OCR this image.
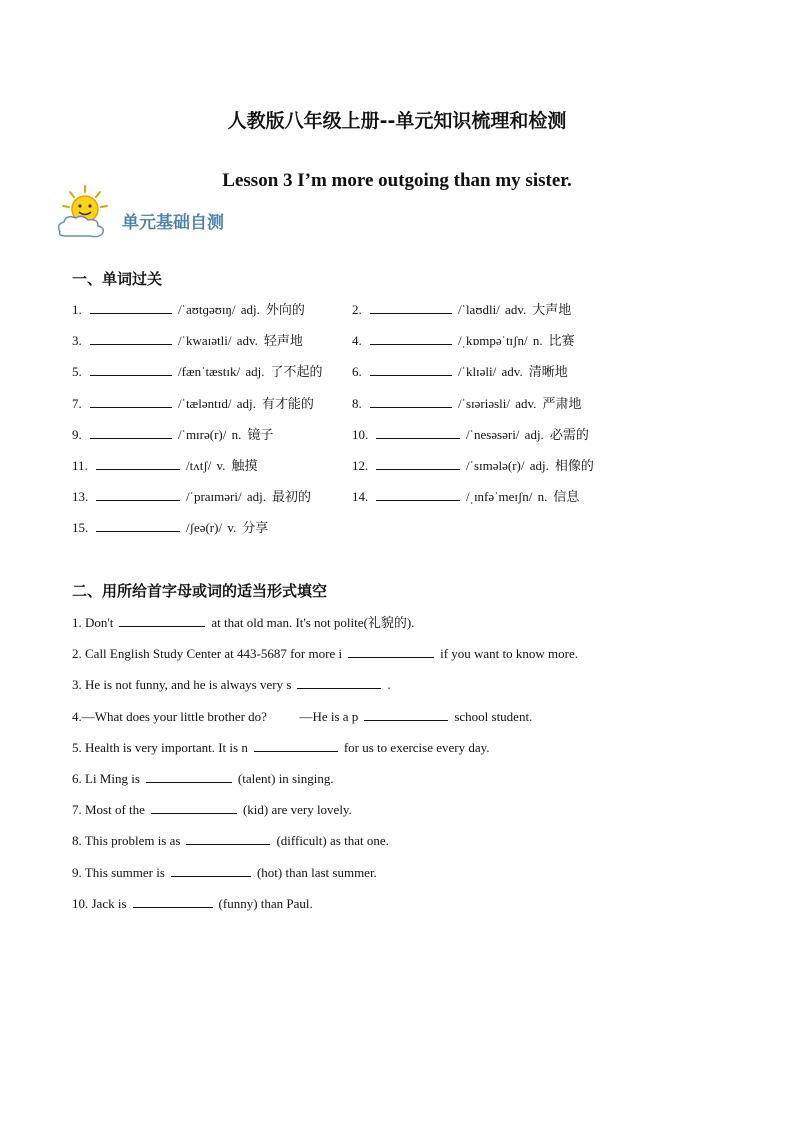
人教版八年级上册--单元知识梳理和检测
Lesson 3 I’m more outgoing than my sister.
单元基础自测
一、单词过关
1.	/ˈaʊtɡəʊɪŋ/ adj. 外向的	2.	/ˈlaʊdli/ adv. 大声地
3.	/ˈkwaɪətli/ adv. 轻声地	4.	/ˌkɒmpəˈtɪʃn/ n. 比赛
5.	/fænˈtæstɪk/ adj. 了不起的 6.	/ˈklɪəli/ adv. 清晰地
7.	/ˈtæləntɪd/ adj. 有才能的	8.	/ˈsɪəriəsli/ adv. 严肃地
9.	/ˈmɪrə(r)/ n. 镜子	10.	/ˈnesəsəri/ adj. 必需的
11.	/tʌtʃ/ v. 触摸	12.	/ˈsɪmələ(r)/ adj. 相像的
13.	/ˈpraɪməri/ adj. 最初的	14.	/ˌɪnfəˈmeɪʃn/ n. 信息
15.	/ʃeə(r)/ v. 分享
二、用所给首字母或词的适当形式填空
1. Don't	at that old man. It's not polite(礼貌的).
2. Call English Study Center at 443-5687 for more i	if you want to know more.
3. He is not funny, and he is always very s	.
4.—What does your little brother do?          —He is a p	school student.
5. Health is very important. It is n	for us to exercise every day.
6. Li Ming is	(talent) in singing.
7. Most of the	(kid) are very lovely.
8. This problem is as	(difficult) as that one.
9. This summer is	(hot) than last summer.
10. Jack is	(funny) than Paul.
